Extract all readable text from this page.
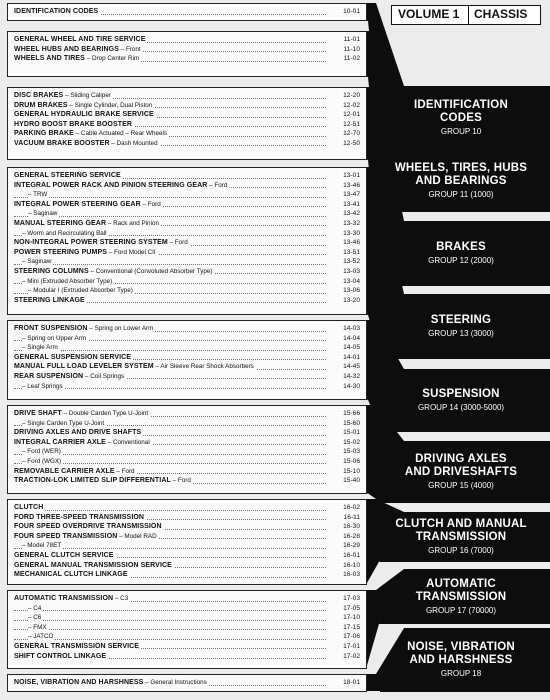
IDENTIFICATION CODES	10-01
GENERAL WHEEL AND TIRE SERVICE	11-01
WHEEL HUBS AND BEARINGS – Front	11-10
WHEELS AND TIRES – Drop Center Rim	11-02
DISC BRAKES – Sliding Caliper	12-20
DRUM BRAKES – Single Cylinder, Dual Piston	12-02
GENERAL HYDRAULIC BRAKE SERVICE	12-01
HYDRO BOOST BRAKE BOOSTER	12-51
PARKING BRAKE – Cable Actuated – Rear Wheels	12-70
VACUUM BRAKE BOOSTER – Dash Mounted	12-50
GENERAL STEERING SERVICE	13-01
INTEGRAL POWER RACK AND PINION STEERING GEAR – Ford	13-46
– TRW	13-47
INTEGRAL POWER STEERING GEAR – Ford	13-41
– Saginaw	13-42
MANUAL STEERING GEAR – Rack and Pinion	13-32
– Worm and Recirculating Ball	13-30
NON-INTEGRAL POWER STEERING SYSTEM – Ford	13-46
POWER STEERING PUMPS – Ford Model CII	13-51
– Saginaw	13-52
STEERING COLUMNS – Conventional (Convoluted Absorber Type)	13-03
– Mini (Extruded Absorber Type)	13-04
– Modular I (Extruded Absorber Type)	13-06
STEERING LINKAGE	13-20
FRONT SUSPENSION – Spring on Lower Arm	14-03
– Spring on Upper Arm	14-04
– Single Arm	14-05
GENERAL SUSPENSION SERVICE	14-01
MANUAL FULL LOAD LEVELER SYSTEM – Air Sleeve Rear Shock Absorbers	14-45
REAR SUSPENSION – Coil Springs	14-32
– Leaf Springs	14-30
DRIVE SHAFT – Double Carden Type U-Joint	15-66
– Single Carden Type U-Joint	15-60
DRIVING AXLES AND DRIVE SHAFTS	15-01
INTEGRAL CARRIER AXLE – Conventional	15-02
– Ford (WER)	15-03
– Ford (WGX)	15-06
REMOVABLE CARRIER AXLE – Ford	15-10
TRACTION-LOK LIMITED SLIP DIFFERENTIAL – Ford	15-40
CLUTCH	16-02
FORD THREE-SPEED TRANSMISSION	16-11
FOUR SPEED OVERDRIVE TRANSMISSION	16-30
FOUR SPEED TRANSMISSION – Model RAD	16-28
– Model 78ET	16-29
GENERAL CLUTCH SERVICE	16-01
GENERAL MANUAL TRANSMISSION SERVICE	16-10
MECHANICAL CLUTCH LINKAGE	16-03
AUTOMATIC TRANSMISSION – C3	17-03
– C4	17-05
– C6	17-10
– FMX	17-15
– JATCO	17-06
GENERAL TRANSMISSION SERVICE	17-01
SHIFT CONTROL LINKAGE	17-02
NOISE, VIBRATION AND HARSHNESS – General Instructions	18-01
IDENTIFICATION
CODES
GROUP 10
WHEELS, TIRES, HUBS
AND BEARINGS
GROUP 11 (1000)
BRAKES
GROUP 12 (2000)
STEERING
GROUP 13 (3000)
SUSPENSION
GROUP 14 (3000-5000)
DRIVING AXLES
AND DRIVESHAFTS
GROUP 15 (4000)
CLUTCH AND MANUAL
TRANSMISSION
GROUP 16 (7000)
AUTOMATIC
TRANSMISSION
GROUP 17 (70000)
NOISE, VIBRATION
AND HARSHNESS
GROUP 18
VOLUME 1 CHASSIS
